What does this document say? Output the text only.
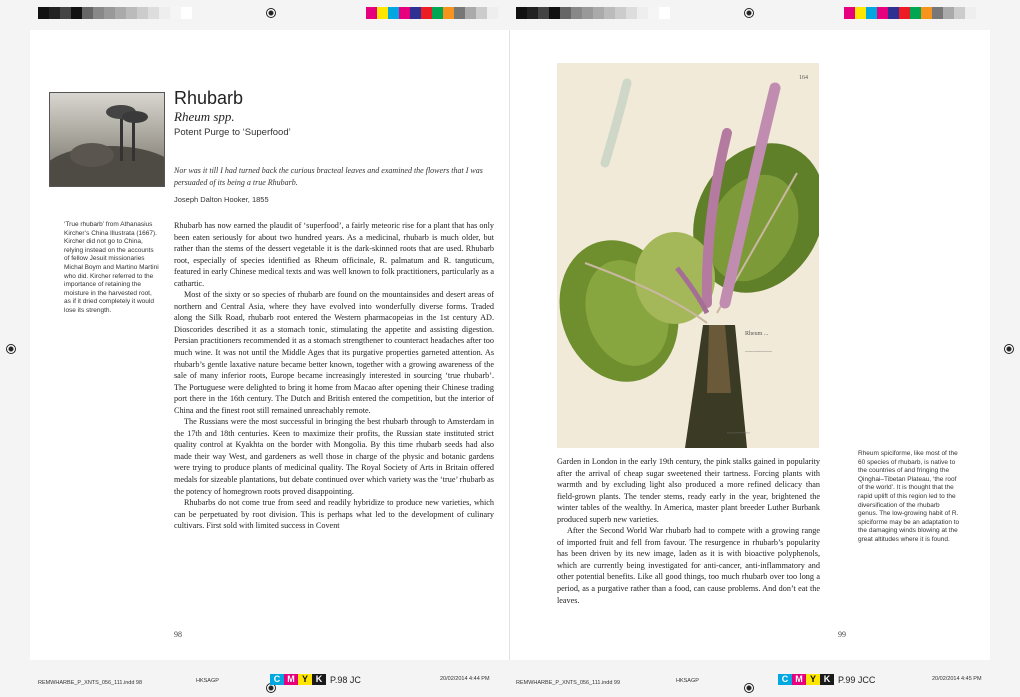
Rhubarb
Rheum spp.
Potent Purge to ‘Superfood’
Nor was it till I had turned back the curious bracteal leaves and examined the flowers that I was persuaded of its being a true Rhubarb.
Joseph Dalton Hooker, 1855
‘True rhubarb’ from Athanasius Kircher’s China Illustrata (1667). Kircher did not go to China, relying instead on the accounts of fellow Jesuit missionaries Michał Boym and Martino Martini who did. Kircher referred to the importance of retaining the moisture in the harvested root, as if it dried completely it would lose its strength.

Rhubarb has now earned the plaudit of ‘superfood’, a fairly meteoric rise for a plant that has only been eaten seriously for about two hundred years. As a medicinal, rhubarb is much older, but rather than the stems of the dessert vegetable it is the dark-skinned roots that are used. Rhubarb root, especially of species identified as Rheum officinale, R. palmatum and R. tanguticum, featured in early Chinese medical texts and was well known to folk practitioners, particularly as a cathartic.

Most of the sixty or so species of rhubarb are found on the mountainsides and desert areas of northern and Central Asia, where they have evolved into wonderfully diverse forms. Traded along the Silk Road, rhubarb root entered the Western pharmacopeias in the 1st century AD. Dioscorides described it as a stomach tonic, stimulating the appetite and assisting digestion. Persian practitioners recommended it as a stomach strengthener to counteract headaches after too much wine. It was not until the Middle Ages that its purgative properties garneted attention. As rhubarb’s gentle laxative nature became better known, together with a growing awareness of the sale of many inferior roots, Europe became increasingly interested in sourcing ‘true rhubarb’. The Portuguese were delighted to bring it home from Macao after opening their Chinese trading port there in the 16th century. The Dutch and British entered the competition, but the interior of China and the finest root still remained unreachably remote.

The Russians were the most successful in bringing the best rhubarb through to Amsterdam in the 17th and 18th centuries. Keen to maximize their profits, the Russian state instituted strict quality control at Kyakhta on the border with Mongolia. By this time rhubarb seeds had also made their way West, and gardeners as well those in charge of the physic and botanic gardens were trying to produce plants of medicinal quality. The Royal Society of Arts in Britain offered medals for sizeable plantations, but debate continued over which variety was the ‘true’ rhubarb as the potency of homegrown roots proved disappointing.

Rhubarbs do not come true from seed and readily hybridize to produce new varieties, which can be perpetuated by root division. This is perhaps what led to the development of culinary cultivars. First sold with limited success in Covent

98
Rheum ...
~~~~~~~~~~
~~~~~~~
164

Garden in London in the early 19th century, the pink stalks gained in popularity after the arrival of cheap sugar sweetened their tartness. Forcing plants with warmth and by excluding light also produced a more refined delicacy than field-grown plants. The tender stems, ready early in the year, brightened the winter tables of the wealthy. In America, master plant breeder Luther Burbank produced superb new varieties.

After the Second World War rhubarb had to compete with a growing range of imported fruit and fell from favour. The resurgence in rhubarb’s popularity has been driven by its new image, laden as it is with bioactive polyphenols, which are currently being investigated for anti-cancer, anti-inflammatory and other potential benefits. Like all good things, too much rhubarb over too long a period, as a purgative rather than a food, can cause problems. And don’t eat the leaves.

Rheum spiciforme, like most of the 60 species of rhubarb, is native to the countries of and fringing the Qinghai–Tibetan Plateau, ‘the roof of the world’. It is thought that the rapid uplift of this region led to the diversification of the rhubarb genus. The low-growing habit of R. spiciforme may be an adaptation to the damaging winds blowing at the great altitudes where it is found.
99
REMWHARBE_P_XNTS_056_111.indd 98	HKSAGP	20/02/2014 4:44 PM
C M Y K P.98 JC	REMWHARBE_P_XNTS_056_111.indd 99	HKSAGP	20/02/2014 4:45 PM
C M Y K P.99 JCC
